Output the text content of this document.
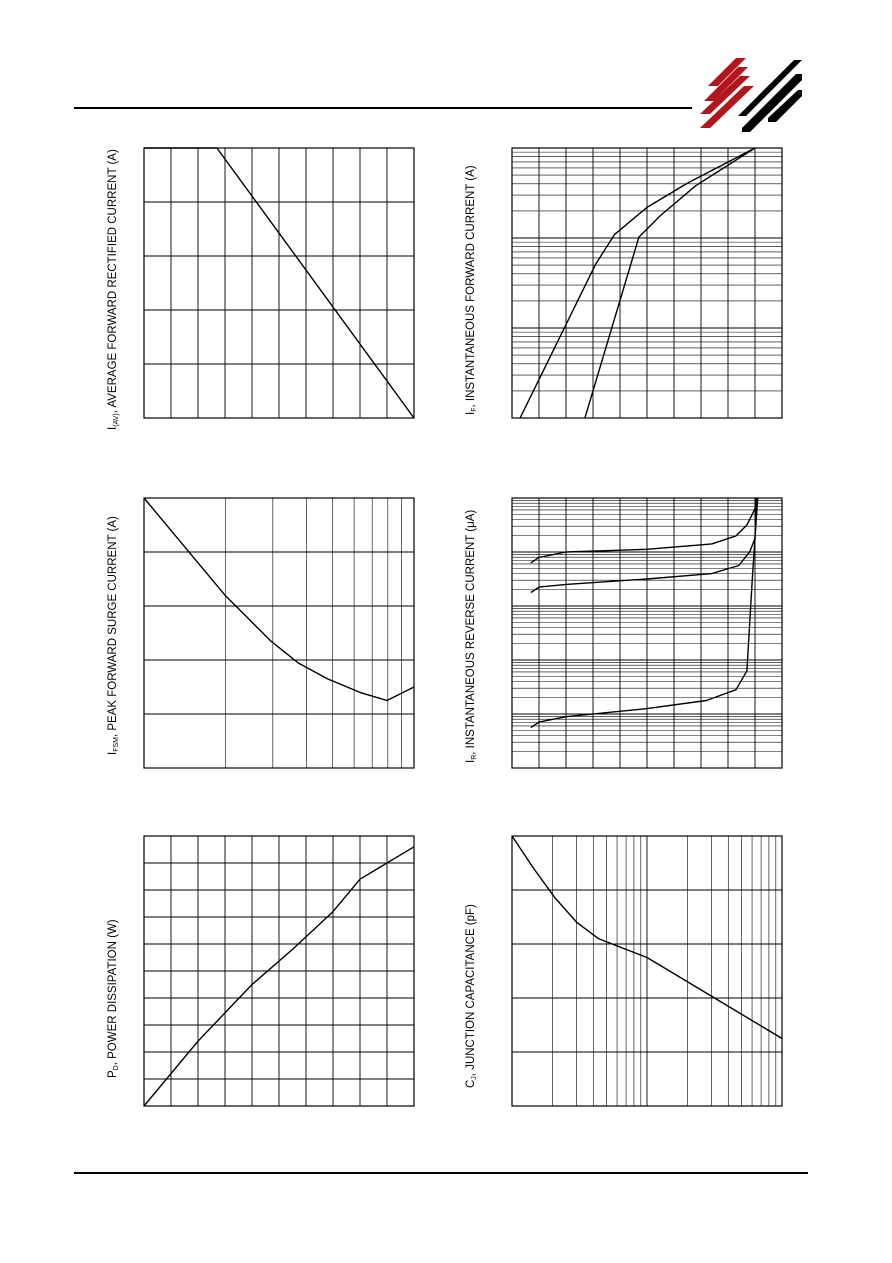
$I_{(AV)}$, AVERAGE FORWARD RECTIFIED CURRENT (A)
$I_F$, INSTANTANEOUS FORWARD CURRENT (A)
$I_{FSM}$, PEAK FORWARD SURGE CURRENT (A)
$I_R$, INSTANTANEOUS REVERSE CURRENT (μA)
$P_D$, POWER DISSIPATION (W)
$C_J$, JUNCTION CAPACITANCE (pF)
